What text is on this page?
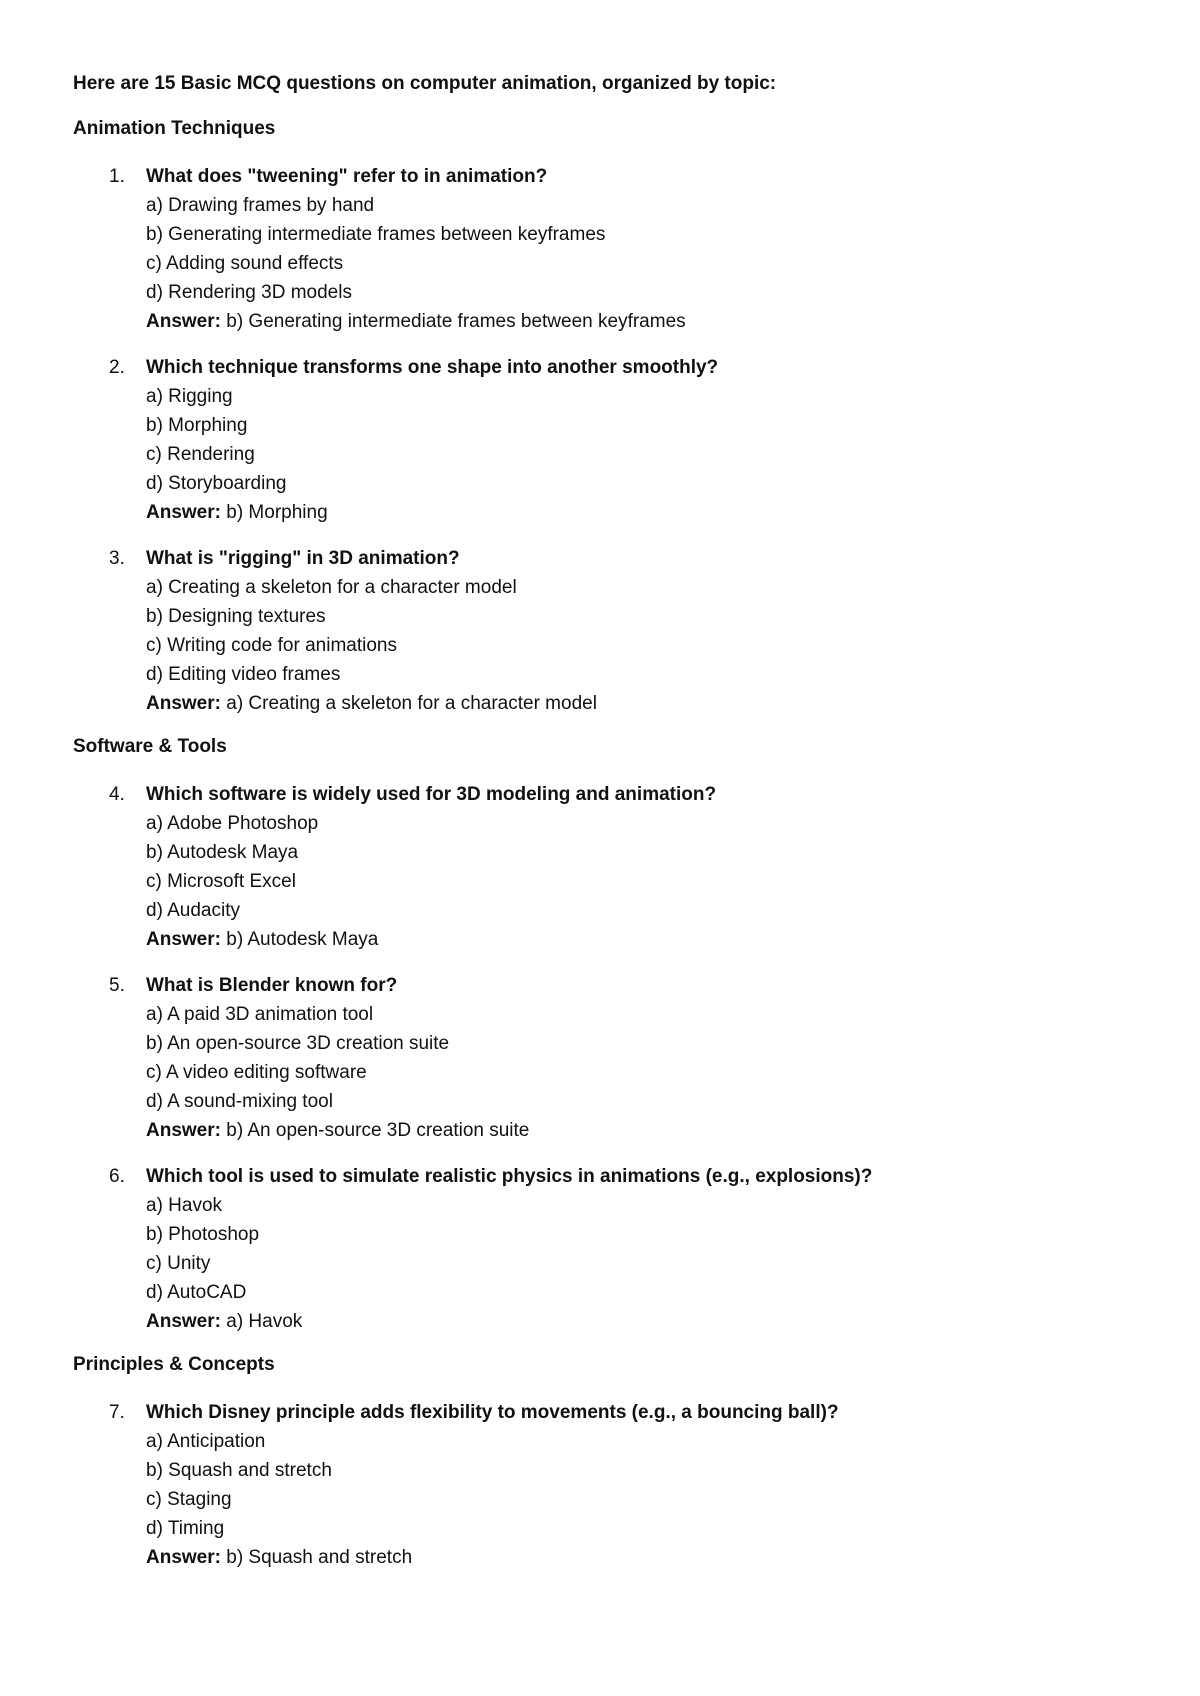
Here are 15 Basic MCQ questions on computer animation, organized by topic:
Animation Techniques
1. What does "tweening" refer to in animation?
a) Drawing frames by hand
b) Generating intermediate frames between keyframes
c) Adding sound effects
d) Rendering 3D models
Answer: b) Generating intermediate frames between keyframes
2. Which technique transforms one shape into another smoothly?
a) Rigging
b) Morphing
c) Rendering
d) Storyboarding
Answer: b) Morphing
3. What is "rigging" in 3D animation?
a) Creating a skeleton for a character model
b) Designing textures
c) Writing code for animations
d) Editing video frames
Answer: a) Creating a skeleton for a character model
Software & Tools
4. Which software is widely used for 3D modeling and animation?
a) Adobe Photoshop
b) Autodesk Maya
c) Microsoft Excel
d) Audacity
Answer: b) Autodesk Maya
5. What is Blender known for?
a) A paid 3D animation tool
b) An open-source 3D creation suite
c) A video editing software
d) A sound-mixing tool
Answer: b) An open-source 3D creation suite
6. Which tool is used to simulate realistic physics in animations (e.g., explosions)?
a) Havok
b) Photoshop
c) Unity
d) AutoCAD
Answer: a) Havok
Principles & Concepts
7. Which Disney principle adds flexibility to movements (e.g., a bouncing ball)?
a) Anticipation
b) Squash and stretch
c) Staging
d) Timing
Answer: b) Squash and stretch
